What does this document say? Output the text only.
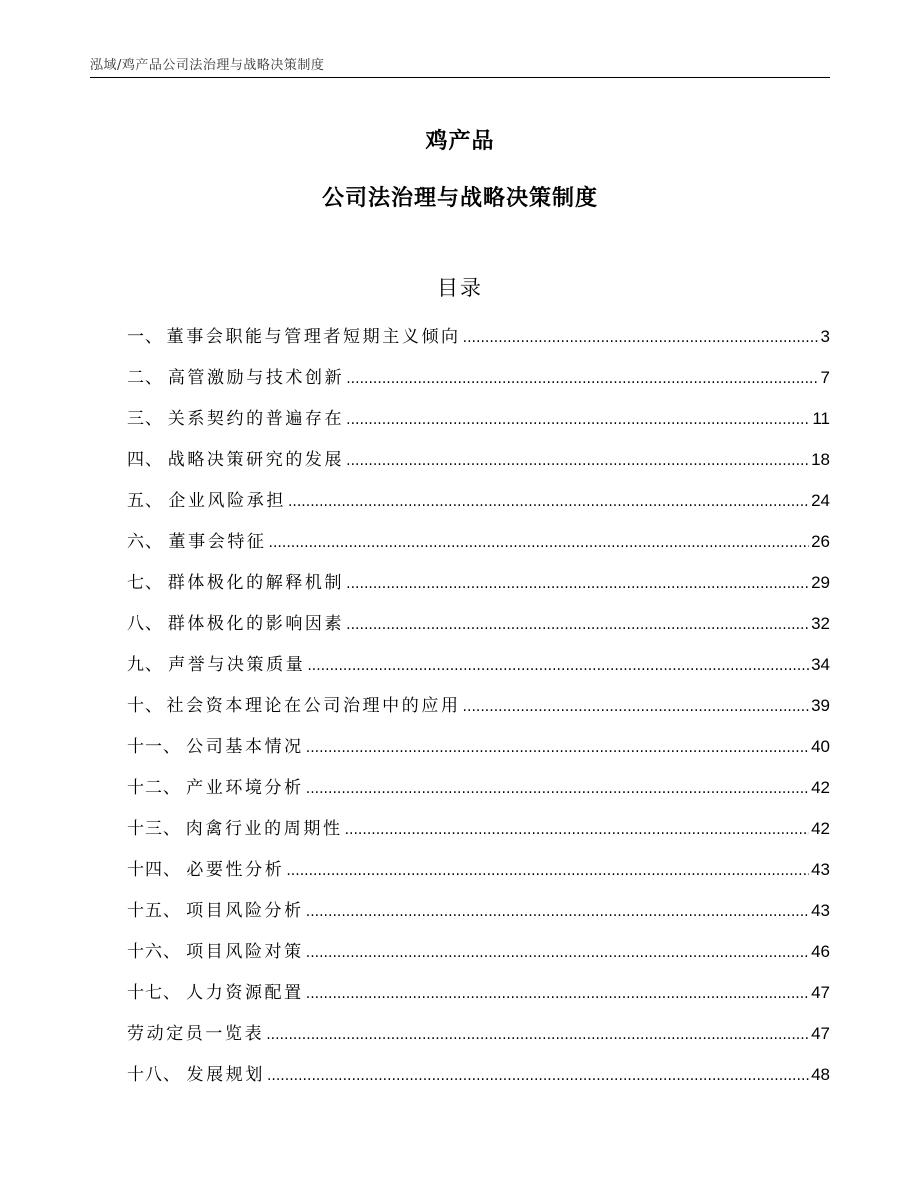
泓域/鸡产品公司法治理与战略决策制度
鸡产品
公司法治理与战略决策制度
目录
一、 董事会职能与管理者短期主义倾向 .....	3
二、 高管激励与技术创新 .....	7
三、 关系契约的普遍存在 .....	11
四、 战略决策研究的发展 .....	18
五、 企业风险承担 .....	24
六、 董事会特征 .....	26
七、 群体极化的解释机制 .....	29
八、 群体极化的影响因素 .....	32
九、 声誉与决策质量 .....	34
十、 社会资本理论在公司治理中的应用 .....	39
十一、 公司基本情况 .....	40
十二、 产业环境分析 .....	42
十三、 肉禽行业的周期性 .....	42
十四、 必要性分析 .....	43
十五、 项目风险分析 .....	43
十六、 项目风险对策 .....	46
十七、 人力资源配置 .....	47
劳动定员一览表 .....	47
十八、 发展规划 .....	48
